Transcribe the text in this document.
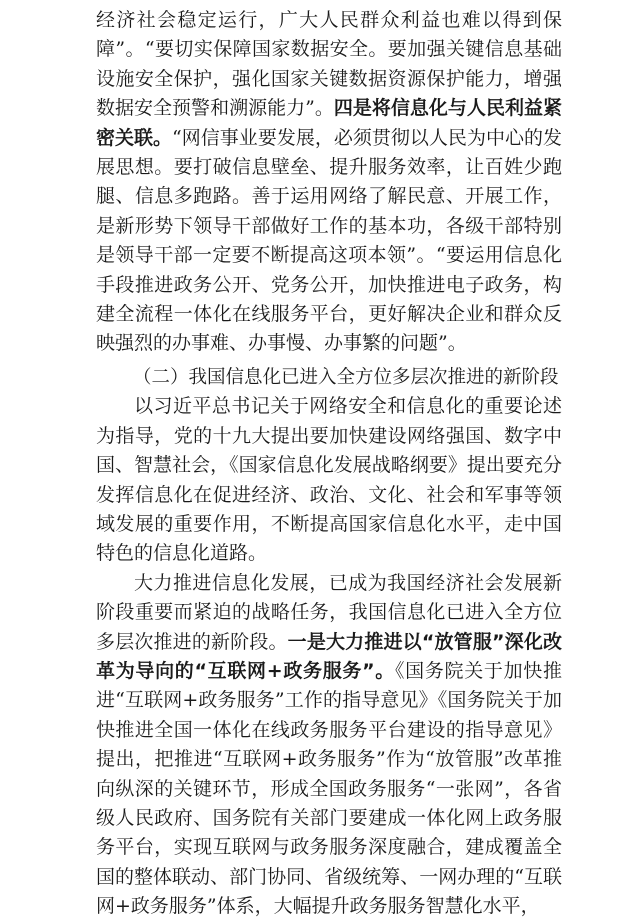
经济社会稳定运行，广大人民群众利益也难以得到保障”。“要切实保障国家数据安全。要加强关键信息基础设施安全保护，强化国家关键数据资源保护能力，增强数据安全预警和溯源能力”。四是将信息化与人民利益紧密关联。“网信事业要发展，必须贯彻以人民为中心的发展思想。要打破信息壁垒、提升服务效率，让百姓少跑腿、信息多跑路。善于运用网络了解民意、开展工作，是新形势下领导干部做好工作的基本功，各级干部特别是领导干部一定要不断提高这项本领”。“要运用信息化手段推进政务公开、党务公开，加快推进电子政务，构建全流程一体化在线服务平台，更好解决企业和群众反映强烈的办事难、办事慢、办事繁的问题”。

（二）我国信息化已进入全方位多层次推进的新阶段

以习近平总书记关于网络安全和信息化的重要论述为指导，党的十九大提出要加快建设网络强国、数字中国、智慧社会，《国家信息化发展战略纲要》提出要充分发挥信息化在促进经济、政治、文化、社会和军事等领域发展的重要作用，不断提高国家信息化水平，走中国特色的信息化道路。

大力推进信息化发展，已成为我国经济社会发展新阶段重要而紧迫的战略任务，我国信息化已进入全方位多层次推进的新阶段。一是大力推进以“放管服”深化改革为导向的“互联网+政务服务”。《国务院关于加快推进“互联网+政务服务”工作的指导意见》《国务院关于加快推进全国一体化在线政务服务平台建设的指导意见》提出，把推进“互联网+政务服务”作为“放管服”改革推向纵深的关键环节，形成全国政务服务“一张网”，各省级人民政府、国务院有关部门要建成一体化网上政务服务平台，实现互联网与政务服务深度融合，建成覆盖全国的整体联动、部门协同、省级统筹、一网办理的“互联网+政务服务”体系，大幅提升政务服务智慧化水平，
